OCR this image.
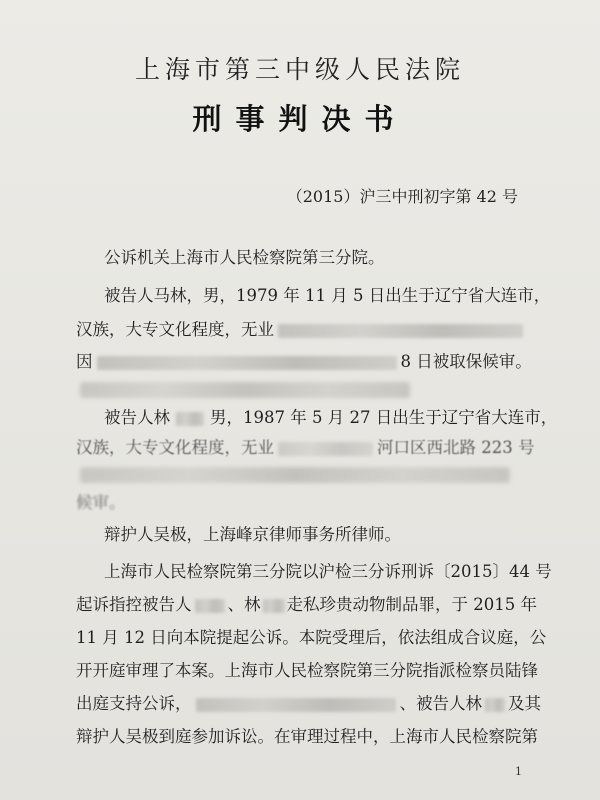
上海市第三中级人民法院
刑事判决书
（2015）沪三中刑初字第 42 号
公诉机关上海市人民检察院第三分院。
被告人马林，男，1979 年 11 月 5 日出生于辽宁省大连市，
汉族，大专文化程度，无业
因	8 日被取保候审。
被告人林 男，1987 年 5 月 27 日出生于辽宁省大连市，
汉族，大专文化程度，无业	河口区西北路 223 号
候审。
辩护人吴极，上海峰京律师事务所律师。
上海市人民检察院第三分院以沪检三分诉刑诉〔2015〕44 号
起诉指控被告人 、林 走私珍贵动物制品罪，于 2015 年
11 月 12 日向本院提起公诉。本院受理后，依法组成合议庭，公
开开庭审理了本案。上海市人民检察院第三分院指派检察员陆锋
出庭支持公诉，	、被告人林 及其
辩护人吴极到庭参加诉讼。在审理过程中，上海市人民检察院第
1
